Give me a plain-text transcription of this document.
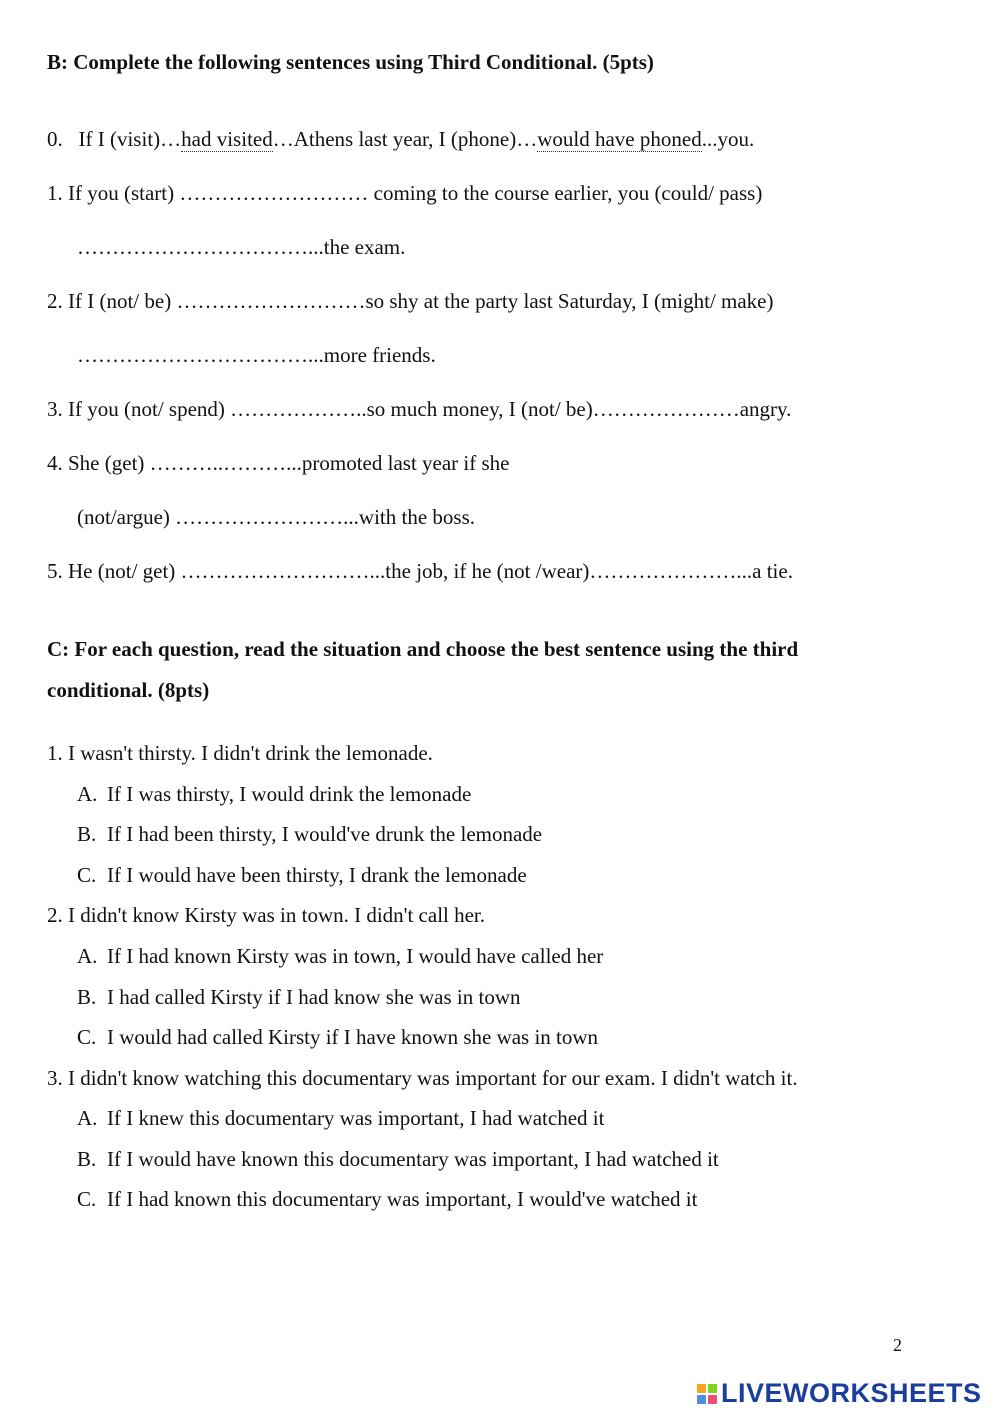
B: Complete the following sentences using Third Conditional. (5pts)
0. If I (visit)…had visited…Athens last year, I (phone)…would have phoned...you.
1. If you (start) ……………………… coming to the course earlier, you (could/ pass)
……………………………...the exam.
2. If I (not/ be) ………………………so shy at the party last Saturday, I (might/ make)
……………………………...more friends.
3. If you (not/ spend) ………………..so much money, I (not/ be)…………………angry.
4. She (get) ………..………...promoted last year if she
(not/argue) ……………………...with the boss.
5. He (not/ get) ………………………...the job, if he (not /wear)…………………...a tie.
C: For each question, read the situation and choose the best sentence using the third
conditional. (8pts)
1. I wasn't thirsty. I didn't drink the lemonade.
A. If I was thirsty, I would drink the lemonade
B. If I had been thirsty, I would've drunk the lemonade
C. If I would have been thirsty, I drank the lemonade
2. I didn't know Kirsty was in town. I didn't call her.
A. If I had known Kirsty was in town, I would have called her
B. I had called Kirsty if I had know she was in town
C. I would had called Kirsty if I have known she was in town
3. I didn't know watching this documentary was important for our exam. I didn't watch it.
A. If I knew this documentary was important, I had watched it
B. If I would have known this documentary was important, I had watched it
C. If I had known this documentary was important, I would've watched it
2
LIVEWORKSHEETS
